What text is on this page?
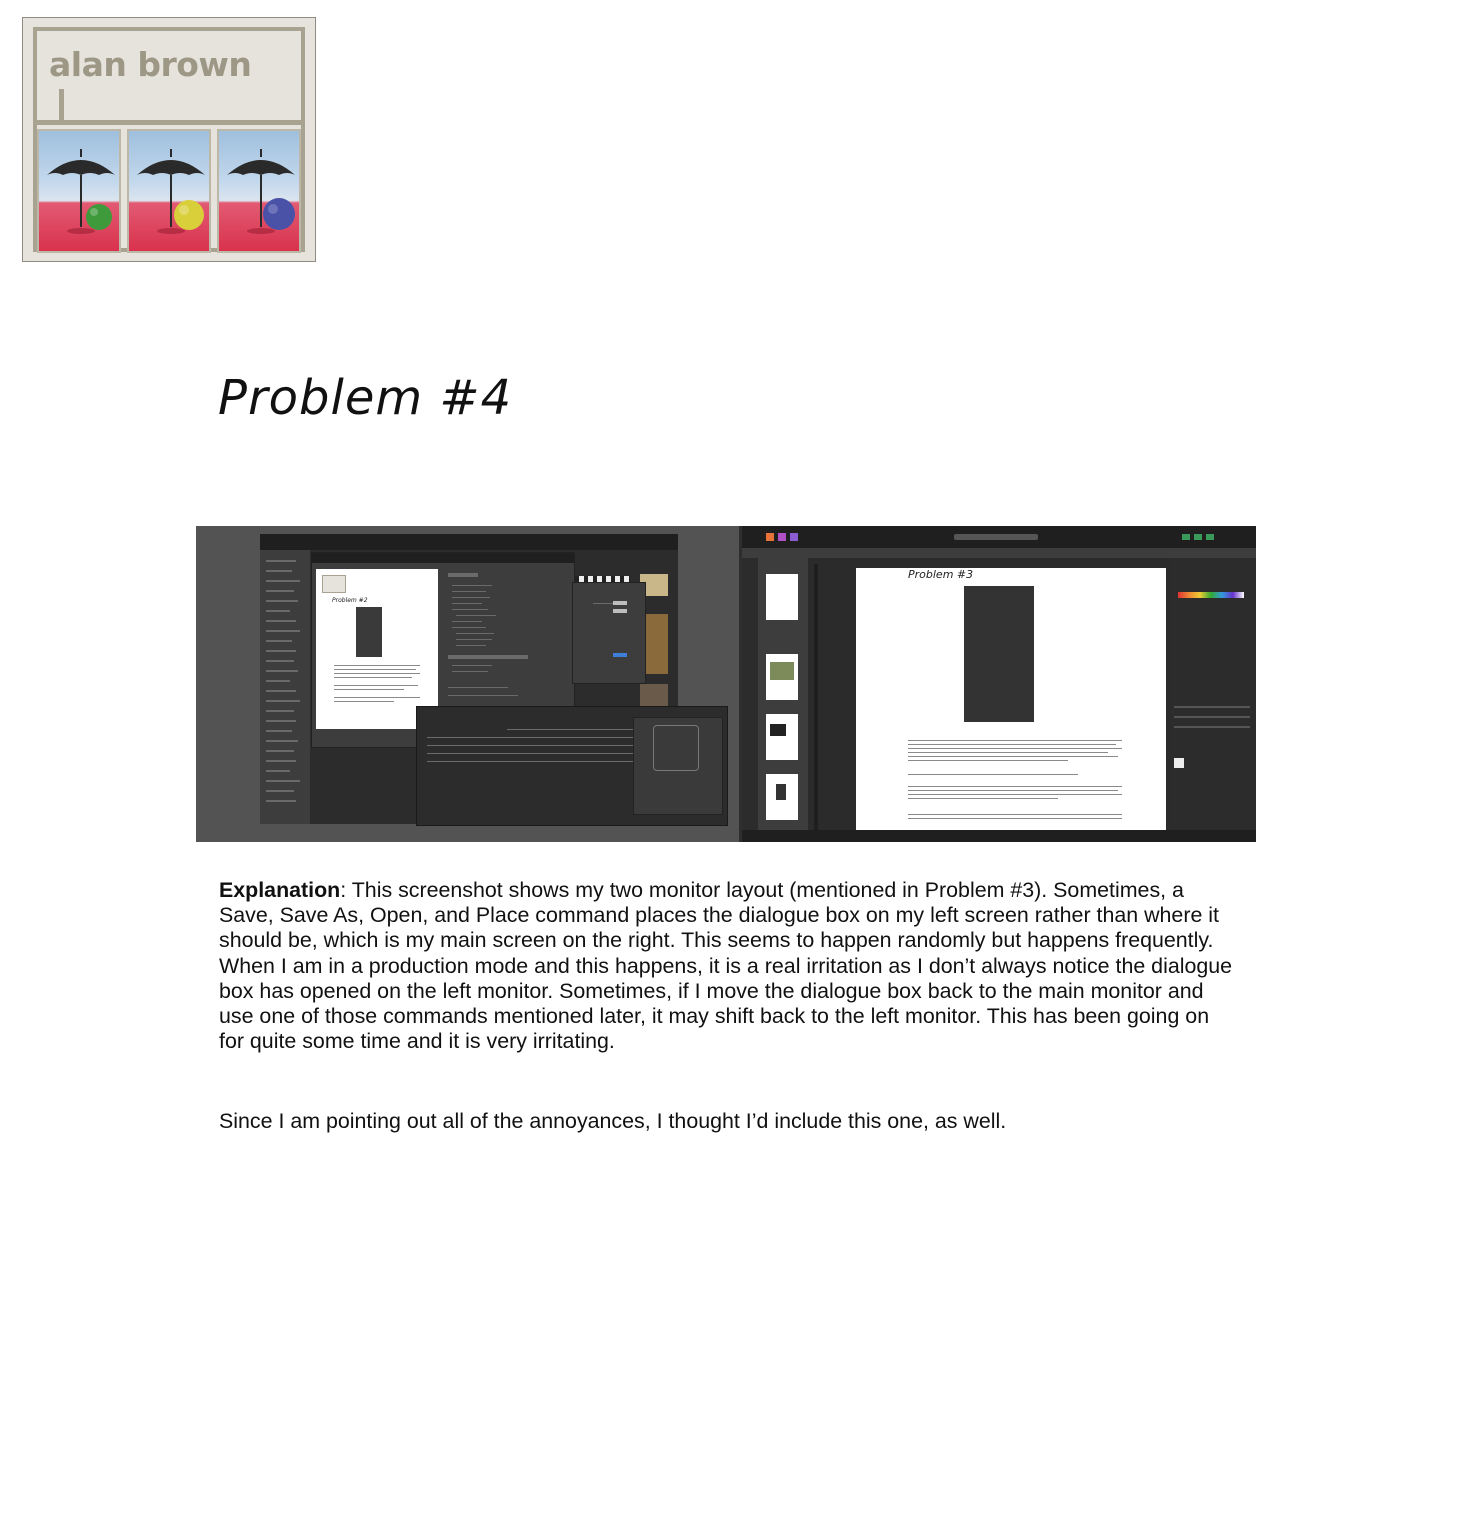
alan brown
Problem #4
Problem #2
Problem #3

Explanation: This screenshot shows my two monitor layout (mentioned in Problem #3). Sometimes, a Save, Save As, Open, and Place command places the dialogue box on my left screen rather than where it should be, which is my main screen on the right. This seems to happen randomly but happens frequently. When I am in a production mode and this happens, it is a real irritation as I don’t always notice the dialogue box has opened on the left monitor. Sometimes, if I move the dialogue box back to the main monitor and use one of those commands mentioned later, it may shift back to the left monitor. This has been going on for quite some time and it is very irritating.

Since I am pointing out all of the annoyances, I thought I’d include this one, as well.
